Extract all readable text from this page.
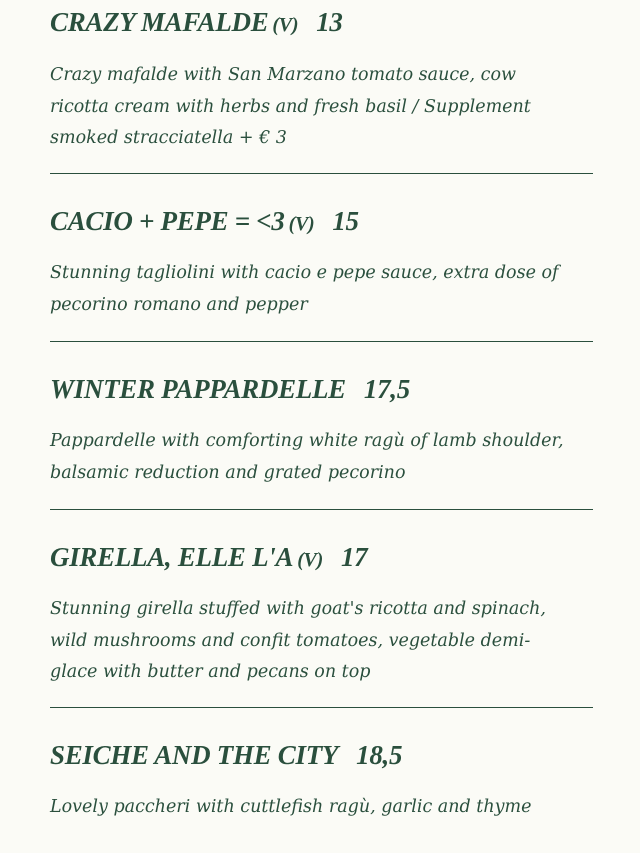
CRAZY MAFALDE (V) 13

Crazy mafalde with San Marzano tomato sauce, cow
ricotta cream with herbs and fresh basil / Supplement
smoked stracciatella + € 3

CACIO + PEPE = <3 (V) 15

Stunning tagliolini with cacio e pepe sauce, extra dose of
pecorino romano and pepper

WINTER PAPPARDELLE 17,5

Pappardelle with comforting white ragù of lamb shoulder,
balsamic reduction and grated pecorino

GIRELLA, ELLE L'A (V) 17

Stunning girella stuffed with goat's ricotta and spinach,
wild mushrooms and confit tomatoes, vegetable demi-
glace with butter and pecans on top

SEICHE AND THE CITY 18,5

Lovely paccheri with cuttlefish ragù, garlic and thyme
